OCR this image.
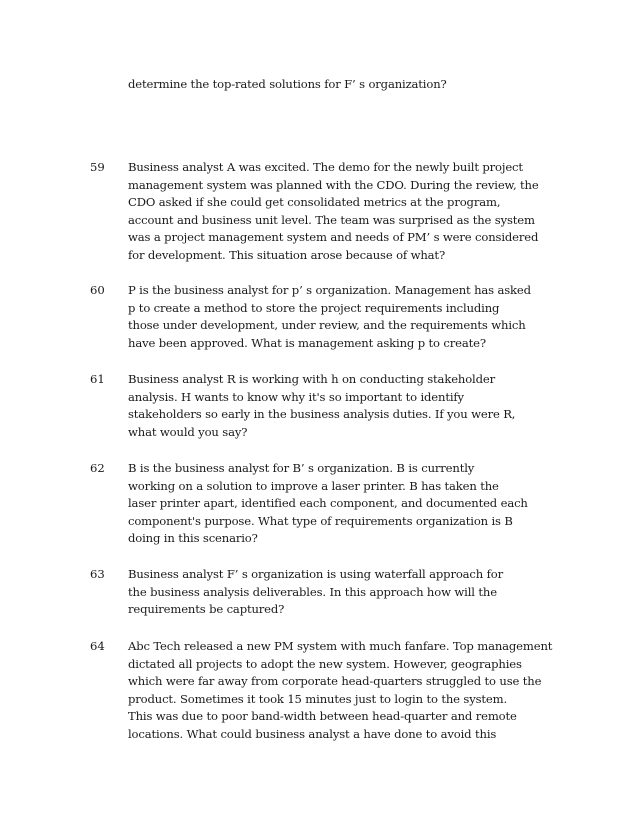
determine the top-rated solutions for F’ s organization?
59 Business analyst A was excited. The demo for the newly built project
management system was planned with the CDO. During the review, the
CDO asked if she could get consolidated metrics at the program,
account and business unit level. The team was surprised as the system
was a project management system and needs of PM’ s were considered
for development. This situation arose because of what?
60 P is the business analyst for p’ s organization. Management has asked
p to create a method to store the project requirements including
those under development, under review, and the requirements which
have been approved. What is management asking p to create?
61 Business analyst R is working with h on conducting stakeholder
analysis. H wants to know why it's so important to identify
stakeholders so early in the business analysis duties. If you were R,
what would you say?
62 B is the business analyst for B’ s organization. B is currently
working on a solution to improve a laser printer. B has taken the
laser printer apart, identified each component, and documented each
component's purpose. What type of requirements organization is B
doing in this scenario?
63 Business analyst F’ s organization is using waterfall approach for
the business analysis deliverables. In this approach how will the
requirements be captured?
64 Abc Tech released a new PM system with much fanfare. Top management
dictated all projects to adopt the new system. However, geographies
which were far away from corporate head-quarters struggled to use the
product. Sometimes it took 15 minutes just to login to the system.
This was due to poor band-width between head-quarter and remote
locations. What could business analyst a have done to avoid this
